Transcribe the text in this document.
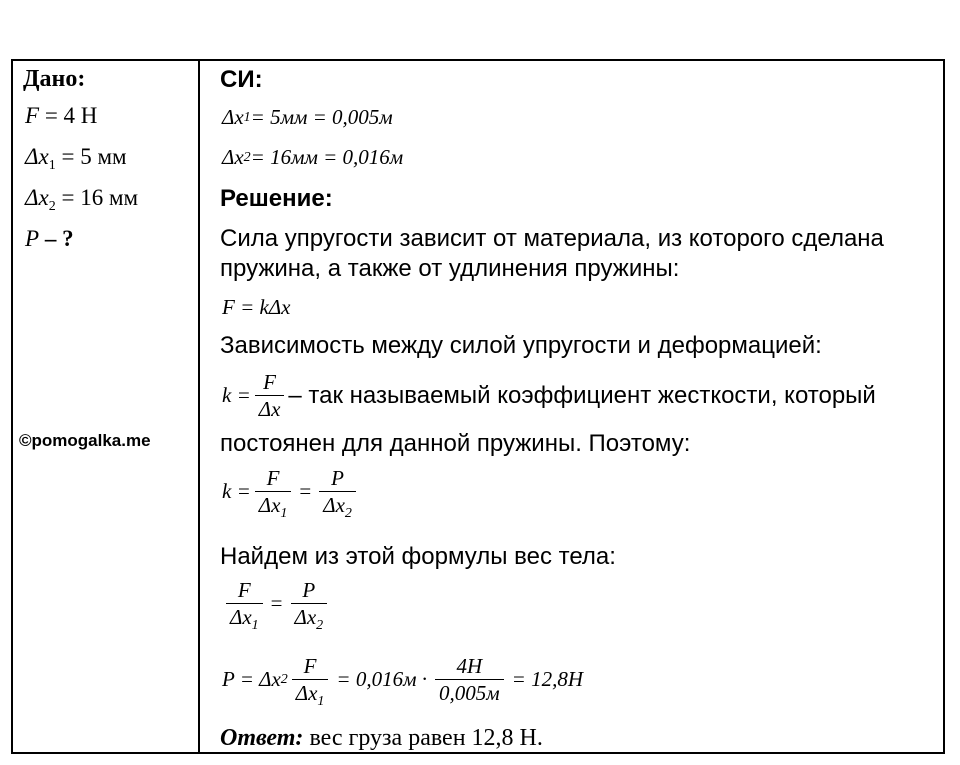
Дано:
F = 4 Н
$\Delta x_1 = 5$ мм
$\Delta x_2 = 16$ мм
P – ?
©pomogalka.me
СИ:
Δx 1 = 5мм = 0,005м
Δx 2 = 16мм = 0,016м
Решение:
Сила упругости зависит от материала, из которого сделана
пружина, а также от удлинения пружины:
F = kΔx
Зависимость между силой упругости и деформацией:
$k = \frac{F}{\Delta x}$ – так называемый коэффициент жесткости, который
постоянен для данной пружины. Поэтому:
$k = \frac{F}{\Delta x_1} = \frac{P}{\Delta x_2}$
Найдем из этой формулы вес тела:
$\frac{F}{\Delta x_1} = \frac{P}{\Delta x_2}$
P = Δx $2 \frac{F}{\Delta x_1} = 0,016м \cdot \frac{4Н}{0,005м} = 12,8Н$
Ответ: вес груза равен 12,8 Н.
